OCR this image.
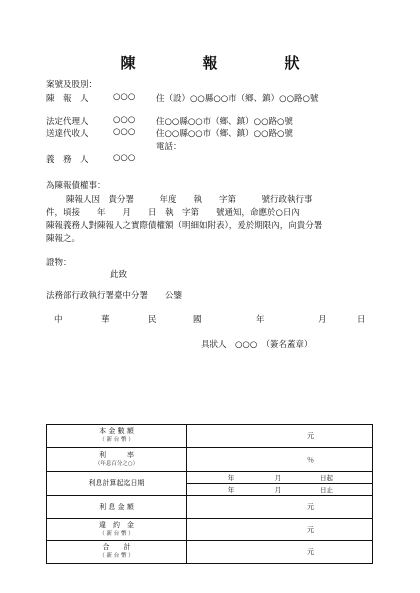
陳　報　狀
案號及股別：
陳　報　人	○○○ 住（設）○○縣○○市（鄉、鎮）○○路○號
法定代理人	○○○ 住○○縣○○市（鄉、鎮）○○路○號
送達代收人	○○○ 住○○縣○○市（鄉、鎮）○○路○號
電話：
義　務　人	○○○
為陳報債權事：
陳報人因　貴分署　　　年度　　執　　字第　　　號行政執行事
件，頃接　　年　　月　　日　執　字第　　號通知，命應於○日內
陳報義務人對陳報人之實際債權額（明細如附表），爰於期限內，向貴分署
陳報之。
證物：
此致
法務部行政執行署臺中分署　　公鑒
中	華	民	國	年	月	日
具狀人　○○○　（簽名蓋章）
本 金 數 額
（ 新 台 幣 ）	元

利　　　率
（年息百分之○）	％
利息計算起迄日期	年 月 日起
	年 月 日止
利 息 金 額	元

違　約　金
（ 新 台 幣 ）	元

合　　計
（ 新 台 幣 ）	元
